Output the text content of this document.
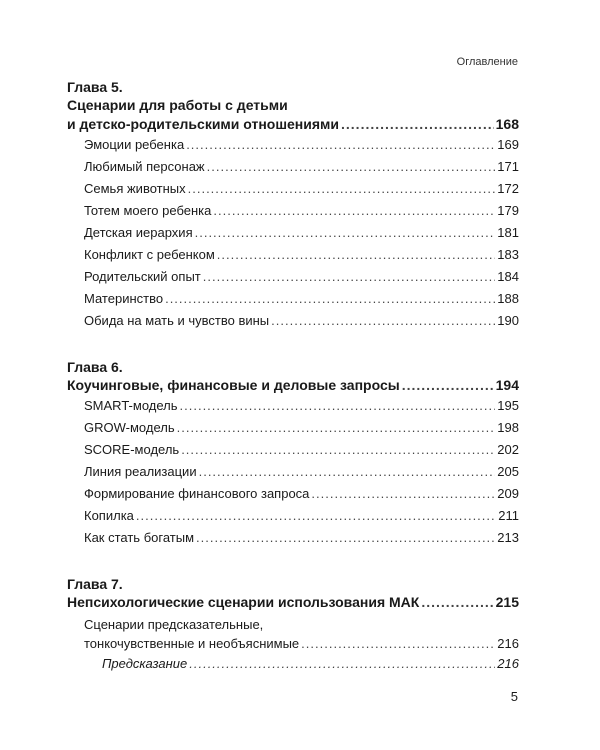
Оглавление
Глава 5.
Сценарии для работы с детьми
и детско-родительскими отношениями .....	168
Эмоции ребенка .....	169
Любимый персонаж .....	171
Семья животных .....	172
Тотем моего ребенка .....	179
Детская иерархия .....	181
Конфликт с ребенком .....	183
Родительский опыт .....	184
Материнство .....	188
Обида на мать и чувство вины .....	190
Глава 6.
Коучинговые, финансовые и деловые запросы .....	194
SMART-модель .....	195
GROW-модель .....	198
SCORE-модель .....	202
Линия реализации .....	205
Формирование финансового запроса .....	209
Копилка .....	211
Как стать богатым .....	213
Глава 7.
Непсихологические сценарии использования МАК .....	215
Сценарии предсказательные,
тонкочувственные и необъяснимые .....	216
Предсказание .....	216
5
